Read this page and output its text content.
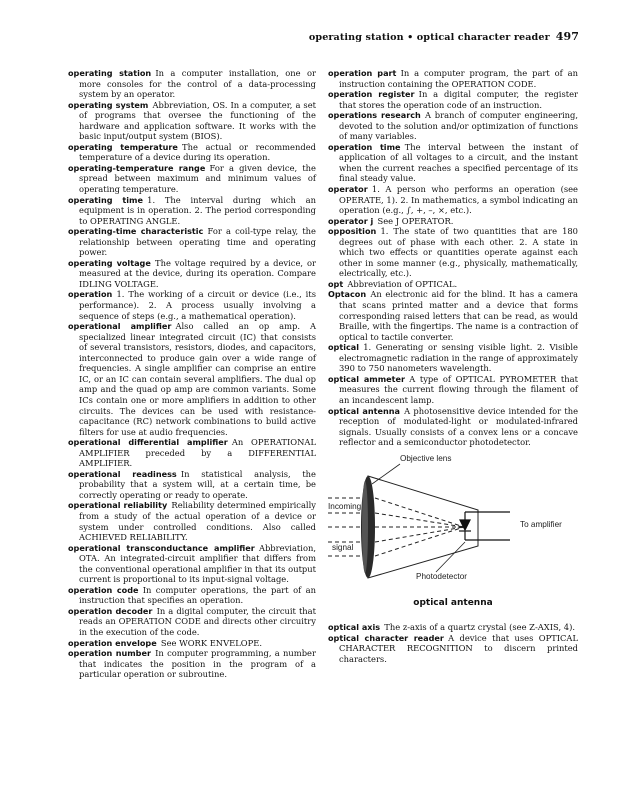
operating station • optical character reader 497

operating station In a computer installation, one or more consoles for the control of a data-processing system by an operator.

operating system Abbreviation, OS. In a computer, a set of programs that oversee the functioning of the hardware and application software. It works with the basic input/output system (BIOS).

operating temperature The actual or recommended temperature of a device during its operation.

operating-temperature range For a given device, the spread between maximum and minimum values of operating temperature.

operating time 1. The interval during which an equipment is in operation. 2. The period corresponding to OPERATING ANGLE.

operating-time characteristic For a coil-type relay, the relationship between operating time and operating power.

operating voltage The voltage required by a device, or measured at the device, during its operation. Compare IDLING VOLTAGE.

operation 1. The working of a circuit or device (i.e., its performance). 2. A process usually involving a sequence of steps (e.g., a mathematical operation).

operational amplifier Also called an op amp. A specialized linear integrated circuit (IC) that consists of several transistors, resistors, diodes, and capacitors, interconnected to produce gain over a wide range of frequencies. A single amplifier can comprise an entire IC, or an IC can contain several amplifiers. The dual op amp and the quad op amp are common variants. Some ICs contain one or more amplifiers in addition to other circuits. The devices can be used with resistance-capacitance (RC) network combinations to build active filters for use at audio frequencies.

operational differential amplifier An OPERATIONAL AMPLIFIER preceded by a DIFFERENTIAL AMPLIFIER.

operational readiness In statistical analysis, the probability that a system will, at a certain time, be correctly operating or ready to operate.

operational reliability Reliability determined empirically from a study of the actual operation of a device or system under controlled conditions. Also called ACHIEVED RELIABILITY.

operational transconductance amplifier Abbreviation, OTA. An integrated-circuit amplifier that differs from the conventional operational amplifier in that its output current is proportional to its input-signal voltage.

operation code In computer operations, the part of an instruction that specifies an operation.

operation decoder In a digital computer, the circuit that reads an OPERATION CODE and directs other circuitry in the execution of the code.

operation envelope See WORK ENVELOPE.

operation number In computer programming, a number that indicates the position in the program of a particular operation or subroutine.

operation part In a computer program, the part of an instruction containing the OPERATION CODE.

operation register In a digital computer, the register that stores the operation code of an instruction.

operations research A branch of computer engineering, devoted to the solution and/or optimization of functions of many variables.

operation time The interval between the instant of application of all voltages to a circuit, and the instant when the current reaches a specified percentage of its final steady value.

operator 1. A person who performs an operation (see OPERATE, 1). 2. In mathematics, a symbol indicating an operation (e.g., ∫, +, –, ×, etc.).

operator j See J OPERATOR.

opposition 1. The state of two quantities that are 180 degrees out of phase with each other. 2. A state in which two effects or quantities operate against each other in some manner (e.g., physically, mathematically, electrically, etc.).

opt Abbreviation of OPTICAL.

Optacon An electronic aid for the blind. It has a camera that scans printed matter and a device that forms corresponding raised letters that can be read, as would Braille, with the fingertips. The name is a contraction of optical to tactile converter.

optical 1. Generating or sensing visible light. 2. Visible electromagnetic radiation in the range of approximately 390 to 750 nanometers wavelength.

optical ammeter A type of OPTICAL PYROMETER that measures the current flowing through the filament of an incandescent lamp.

optical antenna A photosensitive device intended for the reception of modulated-light or modulated-infrared signals. Usually consists of a convex lens or a concave reflector and a semiconductor photodetector.

Objective lens
Incoming
signal
To amplifier
Photodetector

optical antenna

optical axis The z-axis of a quartz crystal (see Z-AXIS, 4).

optical character reader A device that uses OPTICAL CHARACTER RECOGNITION to discern printed characters.
